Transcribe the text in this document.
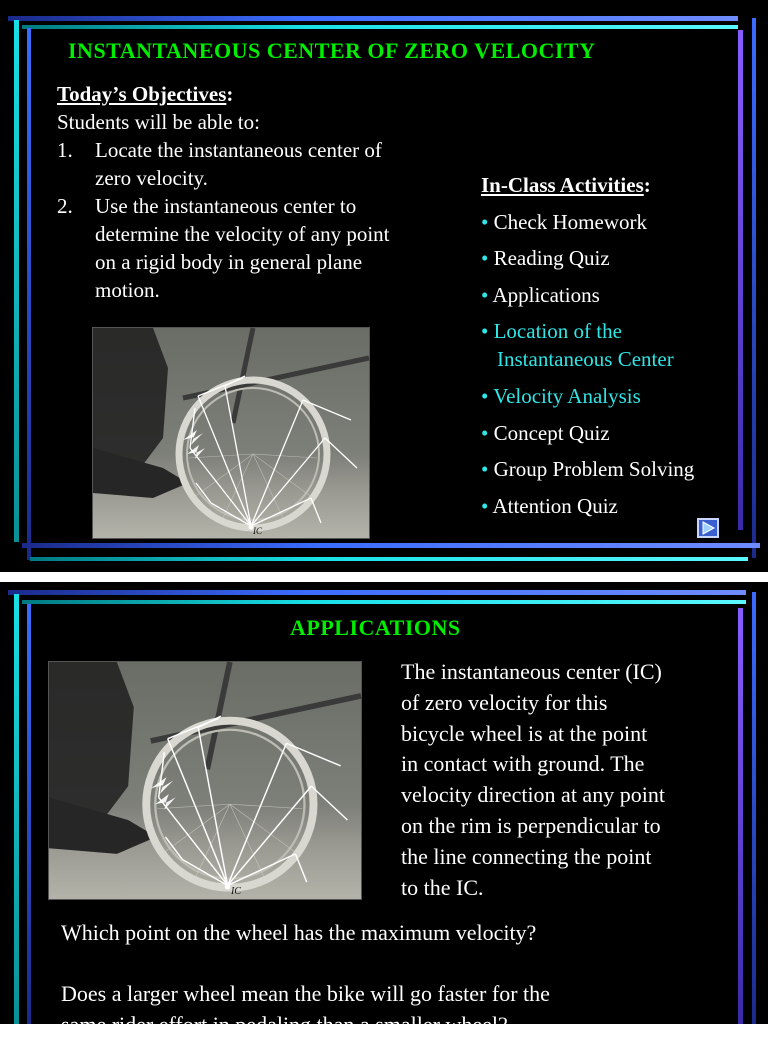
INSTANTANEOUS CENTER OF ZERO VELOCITY
Today’s Objectives:
Students will be able to:
1. Locate the instantaneous center of
zero velocity.
2. Use the instantaneous center to
determine the velocity of any point
on a rigid body in general plane
motion.
IC
In-Class Activities:
• Check Homework
• Reading Quiz
• Applications
• Location of the
Instantaneous Center
• Velocity Analysis
• Concept Quiz
• Group Problem Solving
• Attention Quiz
APPLICATIONS
IC
The instantaneous center (IC)
of zero velocity for this
bicycle wheel is at the point
in contact with ground. The
velocity direction at any point
on the rim is perpendicular to
the line connecting the point
to the IC.
Which point on the wheel has the maximum velocity?
Does a larger wheel mean the bike will go faster for the
same rider effort in pedaling than a smaller wheel?
